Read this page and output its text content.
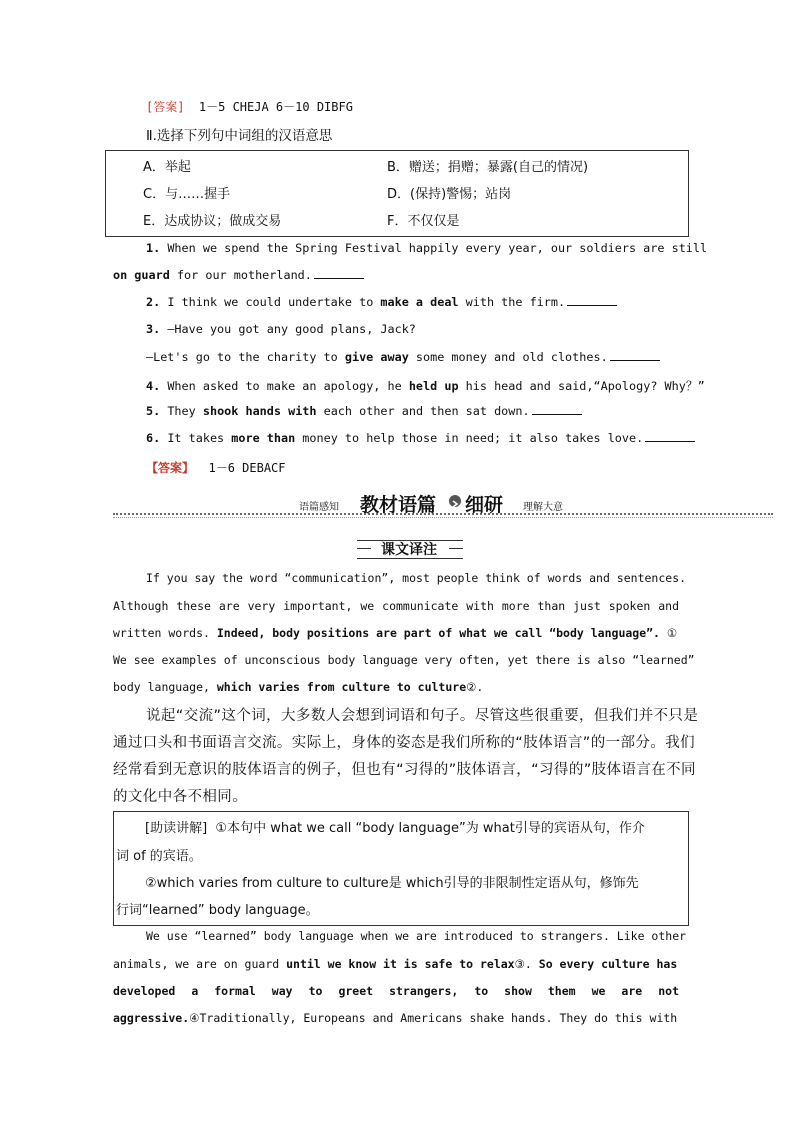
[答案] 1－5 CHEJA 6－10 DIBFG
Ⅱ.选择下列句中词组的汉语意思
A．举起	B．赠送；捐赠；暴露(自己的情况)
C．与……握手	D．(保持)警惕；站岗
E．达成协议；做成交易	F．不仅仅是
1. When we spend the Spring Festival happily every year, our soldiers are still
on guard for our motherland.
2. I think we could undertake to make a deal with the firm.
3. —Have you got any good plans, Jack?
—Let's go to the charity to give away some money and old clothes.
4. When asked to make an apology, he held up his head and said,“Apology? Why？”
5. They shook hands with each other and then sat down.
6. It takes more than money to help those in need; it also takes love.
【答案】 1－6 DEBACF
语篇感知 教材语篇 细研 理解大意
课文译注
If you say the word “communication”, most people think of words and sentences.
Although these are very important, we communicate with more than just spoken and
written words. Indeed, body positions are part of what we call “body language”. ①
We see examples of unconscious body language very often, yet there is also “learned”
body language, which varies from culture to culture②.
说起“交流”这个词，大多数人会想到词语和句子。尽管这些很重要，但我们并不只是
通过口头和书面语言交流。实际上，身体的姿态是我们所称的“肢体语言”的一部分。我们
经常看到无意识的肢体语言的例子，但也有“习得的”肢体语言，“习得的”肢体语言在不同
的文化中各不相同。
[助读讲解] ①本句中 what we call “body language”为 what引导的宾语从句，作介
词 of 的宾语。
②which varies from culture to culture是 which引导的非限制性定语从句，修饰先
行词“learned” body language。
We use “learned” body language when we are introduced to strangers. Like other
animals, we are on guard until we know it is safe to relax③. So every culture has
developed a formal way to greet strangers, to show them we are not
aggressive.④Traditionally, Europeans and Americans shake hands. They do this with
